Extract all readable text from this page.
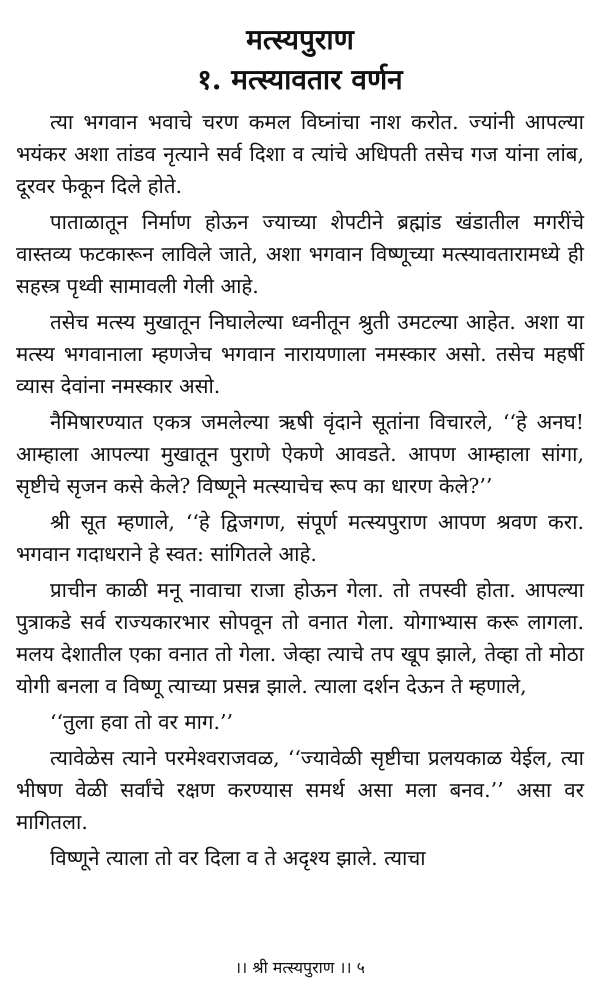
मत्स्यपुराण
१. मत्स्यावतार वर्णन

त्या भगवान भवाचे चरण कमल विघ्नांचा नाश करोत. ज्यांनी आपल्या भयंकर अशा तांडव नृत्याने सर्व दिशा व त्यांचे अधिपती तसेच गज यांना लांब, दूरवर फेकून दिले होते.

पाताळातून निर्माण होऊन ज्याच्या शेपटीने ब्रह्मांड खंडातील मगरींचे वास्तव्य फटकारून लाविले जाते, अशा भगवान विष्णूच्या मत्स्यावतारामध्ये ही सहस्त्र पृथ्वी सामावली गेली आहे.

तसेच मत्स्य मुखातून निघालेल्या ध्वनीतून श्रुती उमटल्या आहेत. अशा या मत्स्य भगवानाला म्हणजेच भगवान नारायणाला नमस्कार असो. तसेच महर्षी व्यास देवांना नमस्कार असो.

नैमिषारण्यात एकत्र जमलेल्या ऋषी वृंदाने सूतांना विचारले, ‘‘हे अनघ! आम्हाला आपल्या मुखातून पुराणे ऐकणे आवडते. आपण आम्हाला सांगा, सृष्टीचे सृजन कसे केले? विष्णूने मत्स्याचेच रूप का धारण केले?’’

श्री सूत म्हणाले, ‘‘हे द्विजगण, संपूर्ण मत्स्यपुराण आपण श्रवण करा. भगवान गदाधराने हे स्वत: सांगितले आहे.

प्राचीन काळी मनू नावाचा राजा होऊन गेला. तो तपस्वी होता. आपल्या पुत्राकडे सर्व राज्यकारभार सोपवून तो वनात गेला. योगाभ्यास करू लागला. मलय देशातील एका वनात तो गेला. जेव्हा त्याचे तप खूप झाले, तेव्हा तो मोठा योगी बनला व विष्णू त्याच्या प्रसन्न झाले. त्याला दर्शन देऊन ते म्हणाले,

‘‘तुला हवा तो वर माग.’’

त्यावेळेस त्याने परमेश्वराजवळ, ‘‘ज्यावेळी सृष्टीचा प्रलयकाळ येईल, त्या भीषण वेळी सर्वांचे रक्षण करण्यास समर्थ असा मला बनव.’’ असा वर मागितला.

विष्णूने त्याला तो वर दिला व ते अदृश्य झाले. त्याचा

।। श्री मत्स्यपुराण ।। ५
